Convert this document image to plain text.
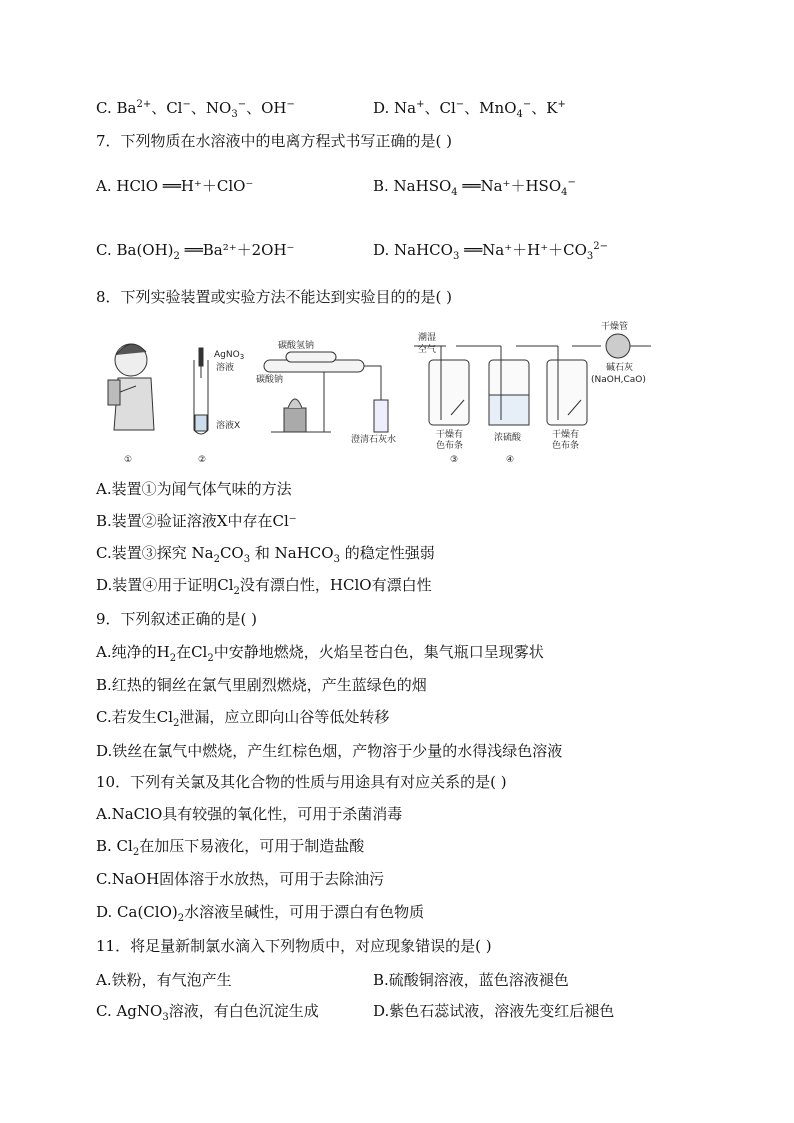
C. $Ba^{2+}$、Cl−、$NO_3^-$、OH−	D. Na+、Cl−、MnO$_4$−、K+
7．下列物质在水溶液中的电离方程式书写正确的是( )
A. HClO ══H⁺＋ClO⁻	B. NaHSO$_4$ $══Na^++HSO_4^-$
C. $Ba(OH)_2$ ══Ba²⁺＋2OH⁻	D. NaHCO$_3$ $══Na^++H^++CO_3^{2-}$
8．下列实验装置或实验方法不能达到实验目的的是( )
①
AgNO$_3$
溶液
溶液X
②
碳酸氢钠
碳酸钠
澄清石灰水
潮湿
空气
干燥管
碱石灰
(NaOH,CaO)
干燥有
色布条
浓硫酸	干燥有
色布条
③	④
A.装置①为闻气体气味的方法
B.装置②验证溶液X中存在Cl⁻
C.装置③探究 $Na_2CO_3$ 和 NaHCO$_3$ 的稳定性强弱
D.装置④用于证明$Cl_2$没有漂白性，HClO有漂白性
9．下列叙述正确的是( )
A.纯净的$H_2$在$Cl_2$中安静地燃烧，火焰呈苍白色，集气瓶口呈现雾状
B.红热的铜丝在氯气里剧烈燃烧，产生蓝绿色的烟
C.若发生$Cl_2$泄漏，应立即向山谷等低处转移
D.铁丝在氯气中燃烧，产生红棕色烟，产物溶于少量的水得浅绿色溶液
10．下列有关氯及其化合物的性质与用途具有对应关系的是( )
A.NaClO具有较强的氧化性，可用于杀菌消毒
B. $Cl_2$在加压下易液化，可用于制造盐酸
C.NaOH固体溶于水放热，可用于去除油污
D. $Ca(ClO)_2$水溶液呈碱性，可用于漂白有色物质
11．将足量新制氯水滴入下列物质中，对应现象错误的是( )
A.铁粉，有气泡产生	B.硫酸铜溶液，蓝色溶液褪色
C. AgNO$_3$溶液，有白色沉淀生成	D.紫色石蕊试液，溶液先变红后褪色
